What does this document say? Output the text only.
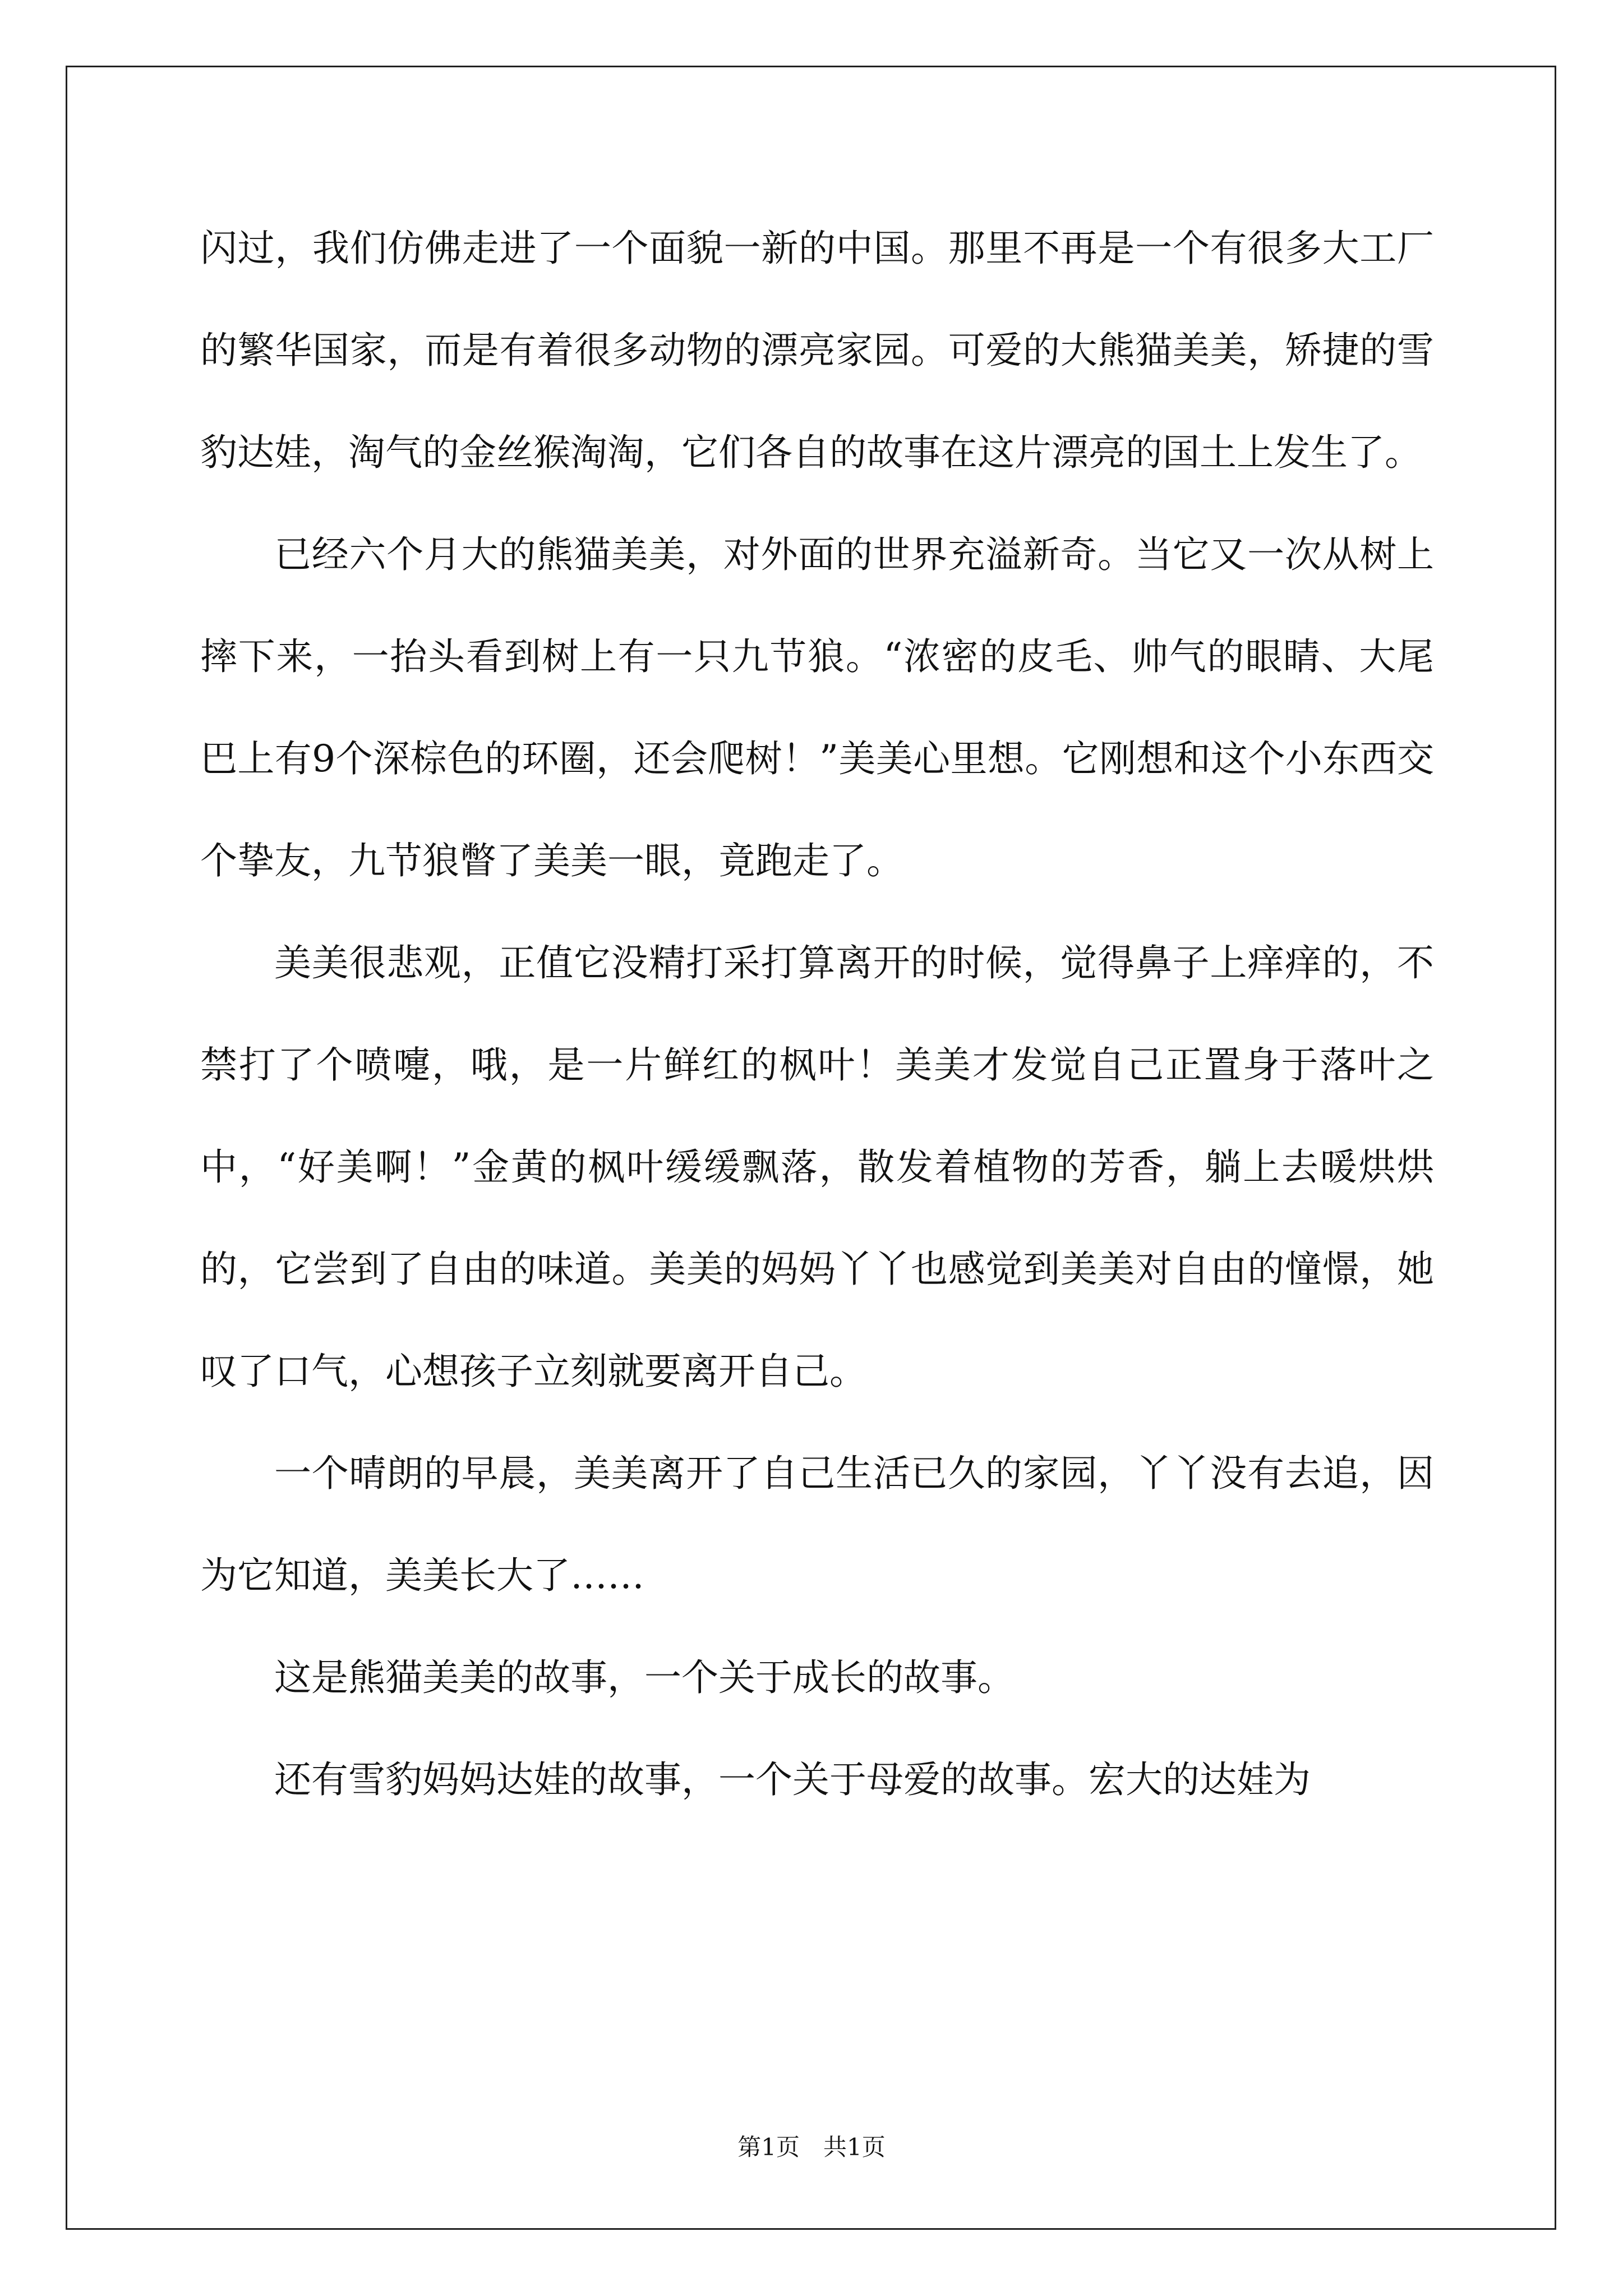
闪过，我们仿佛走进了一个面貌一新的中国。那里不再是一个有很多大工厂的繁华国家，而是有着很多动物的漂亮家园。可爱的大熊猫美美，矫捷的雪豹达娃，淘气的金丝猴淘淘，它们各自的故事在这片漂亮的国土上发生了。

已经六个月大的熊猫美美，对外面的世界充溢新奇。当它又一次从树上摔下来，一抬头看到树上有一只九节狼。“浓密的皮毛、帅气的眼睛、大尾巴上有9个深棕色的环圈，还会爬树！”美美心里想。它刚想和这个小东西交个挚友，九节狼瞥了美美一眼，竟跑走了。

美美很悲观，正值它没精打采打算离开的时候，觉得鼻子上痒痒的，不禁打了个喷嚏，哦，是一片鲜红的枫叶！美美才发觉自己正置身于落叶之中，“好美啊！”金黄的枫叶缓缓飘落，散发着植物的芳香，躺上去暖烘烘的，它尝到了自由的味道。美美的妈妈丫丫也感觉到美美对自由的憧憬，她叹了口气，心想孩子立刻就要离开自己。

一个晴朗的早晨，美美离开了自己生活已久的家园，丫丫没有去追，因为它知道，美美长大了……

这是熊猫美美的故事，一个关于成长的故事。

还有雪豹妈妈达娃的故事，一个关于母爱的故事。宏大的达娃为

第1页　共1页
